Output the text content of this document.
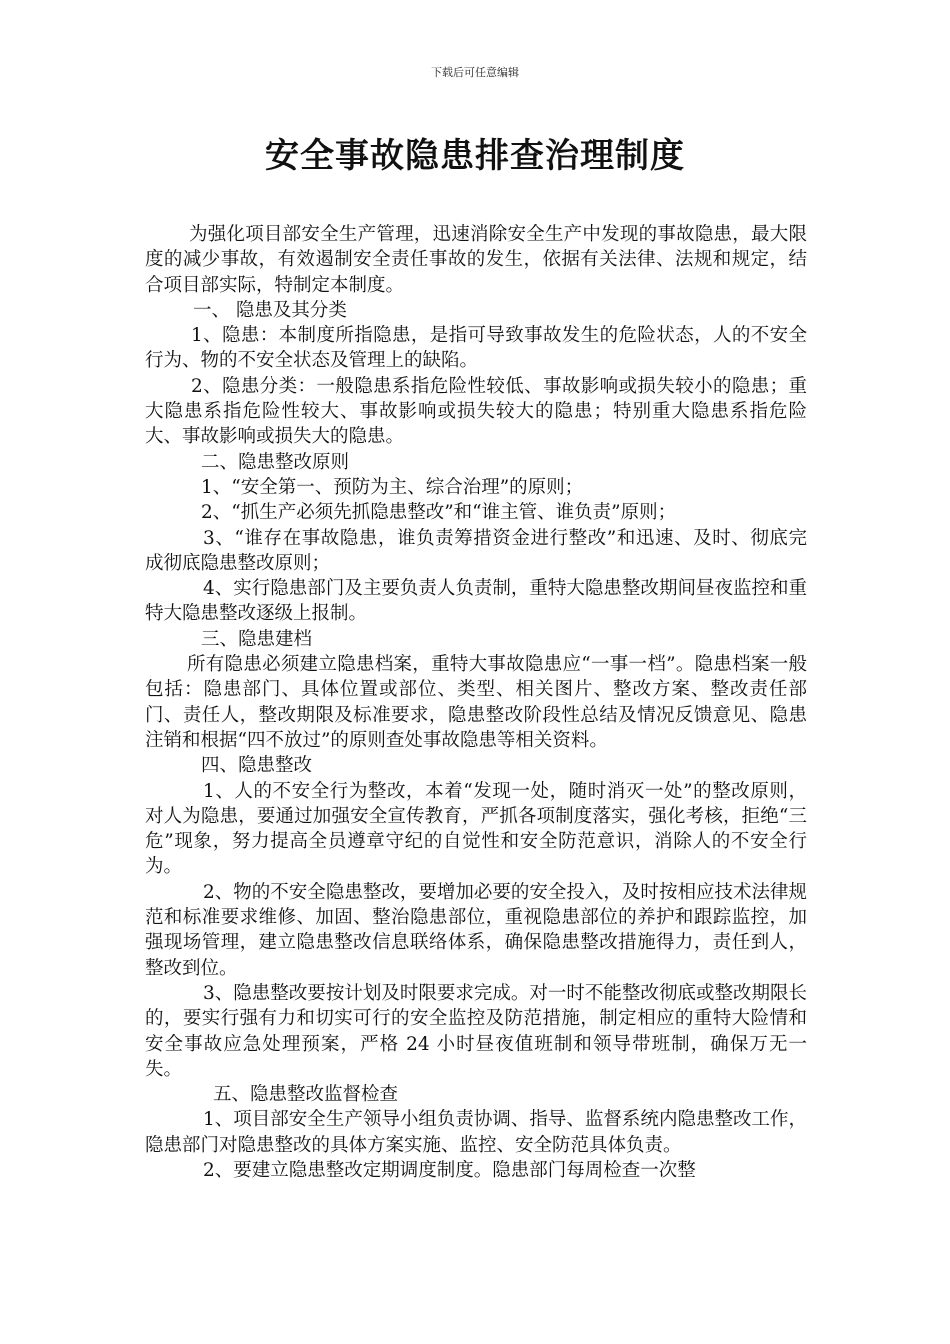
下载后可任意编辑
安全事故隐患排查治理制度

为强化项目部安全生产管理，迅速消除安全生产中发现的事故隐患，最大限度的减少事故，有效遏制安全责任事故的发生，依据有关法律、法规和规定，结合项目部实际，特制定本制度。

一、 隐患及其分类

1、隐患：本制度所指隐患，是指可导致事故发生的危险状态，人的不安全行为、物的不安全状态及管理上的缺陷。

2、隐患分类：一般隐患系指危险性较低、事故影响或损失较小的隐患；重大隐患系指危险性较大、事故影响或损失较大的隐患；特别重大隐患系指危险大、事故影响或损失大的隐患。

二、隐患整改原则

1、“安全第一、预防为主、综合治理”的原则；

2、“抓生产必须先抓隐患整改”和“谁主管、谁负责”原则；

3、“谁存在事故隐患，谁负责筹措资金进行整改”和迅速、及时、彻底完成彻底隐患整改原则；

4、实行隐患部门及主要负责人负责制，重特大隐患整改期间昼夜监控和重特大隐患整改逐级上报制。

三、隐患建档

所有隐患必须建立隐患档案，重特大事故隐患应“一事一档”。隐患档案一般包括：隐患部门、具体位置或部位、类型、相关图片、整改方案、整改责任部门、责任人，整改期限及标准要求，隐患整改阶段性总结及情况反馈意见、隐患注销和根据“四不放过”的原则查处事故隐患等相关资料。

四、隐患整改

1、人的不安全行为整改，本着“发现一处，随时消灭一处”的整改原则，对人为隐患，要通过加强安全宣传教育，严抓各项制度落实，强化考核，拒绝“三危”现象，努力提高全员遵章守纪的自觉性和安全防范意识，消除人的不安全行为。

2、物的不安全隐患整改，要增加必要的安全投入，及时按相应技术法律规范和标准要求维修、加固、整治隐患部位，重视隐患部位的养护和跟踪监控，加强现场管理，建立隐患整改信息联络体系，确保隐患整改措施得力，责任到人，整改到位。

3、隐患整改要按计划及时限要求完成。对一时不能整改彻底或整改期限长的，要实行强有力和切实可行的安全监控及防范措施，制定相应的重特大险情和安全事故应急处理预案，严格 24 小时昼夜值班制和领导带班制，确保万无一失。

五、隐患整改监督检查

1、项目部安全生产领导小组负责协调、指导、监督系统内隐患整改工作，隐患部门对隐患整改的具体方案实施、监控、安全防范具体负责。

2、要建立隐患整改定期调度制度。隐患部门每周检查一次整
